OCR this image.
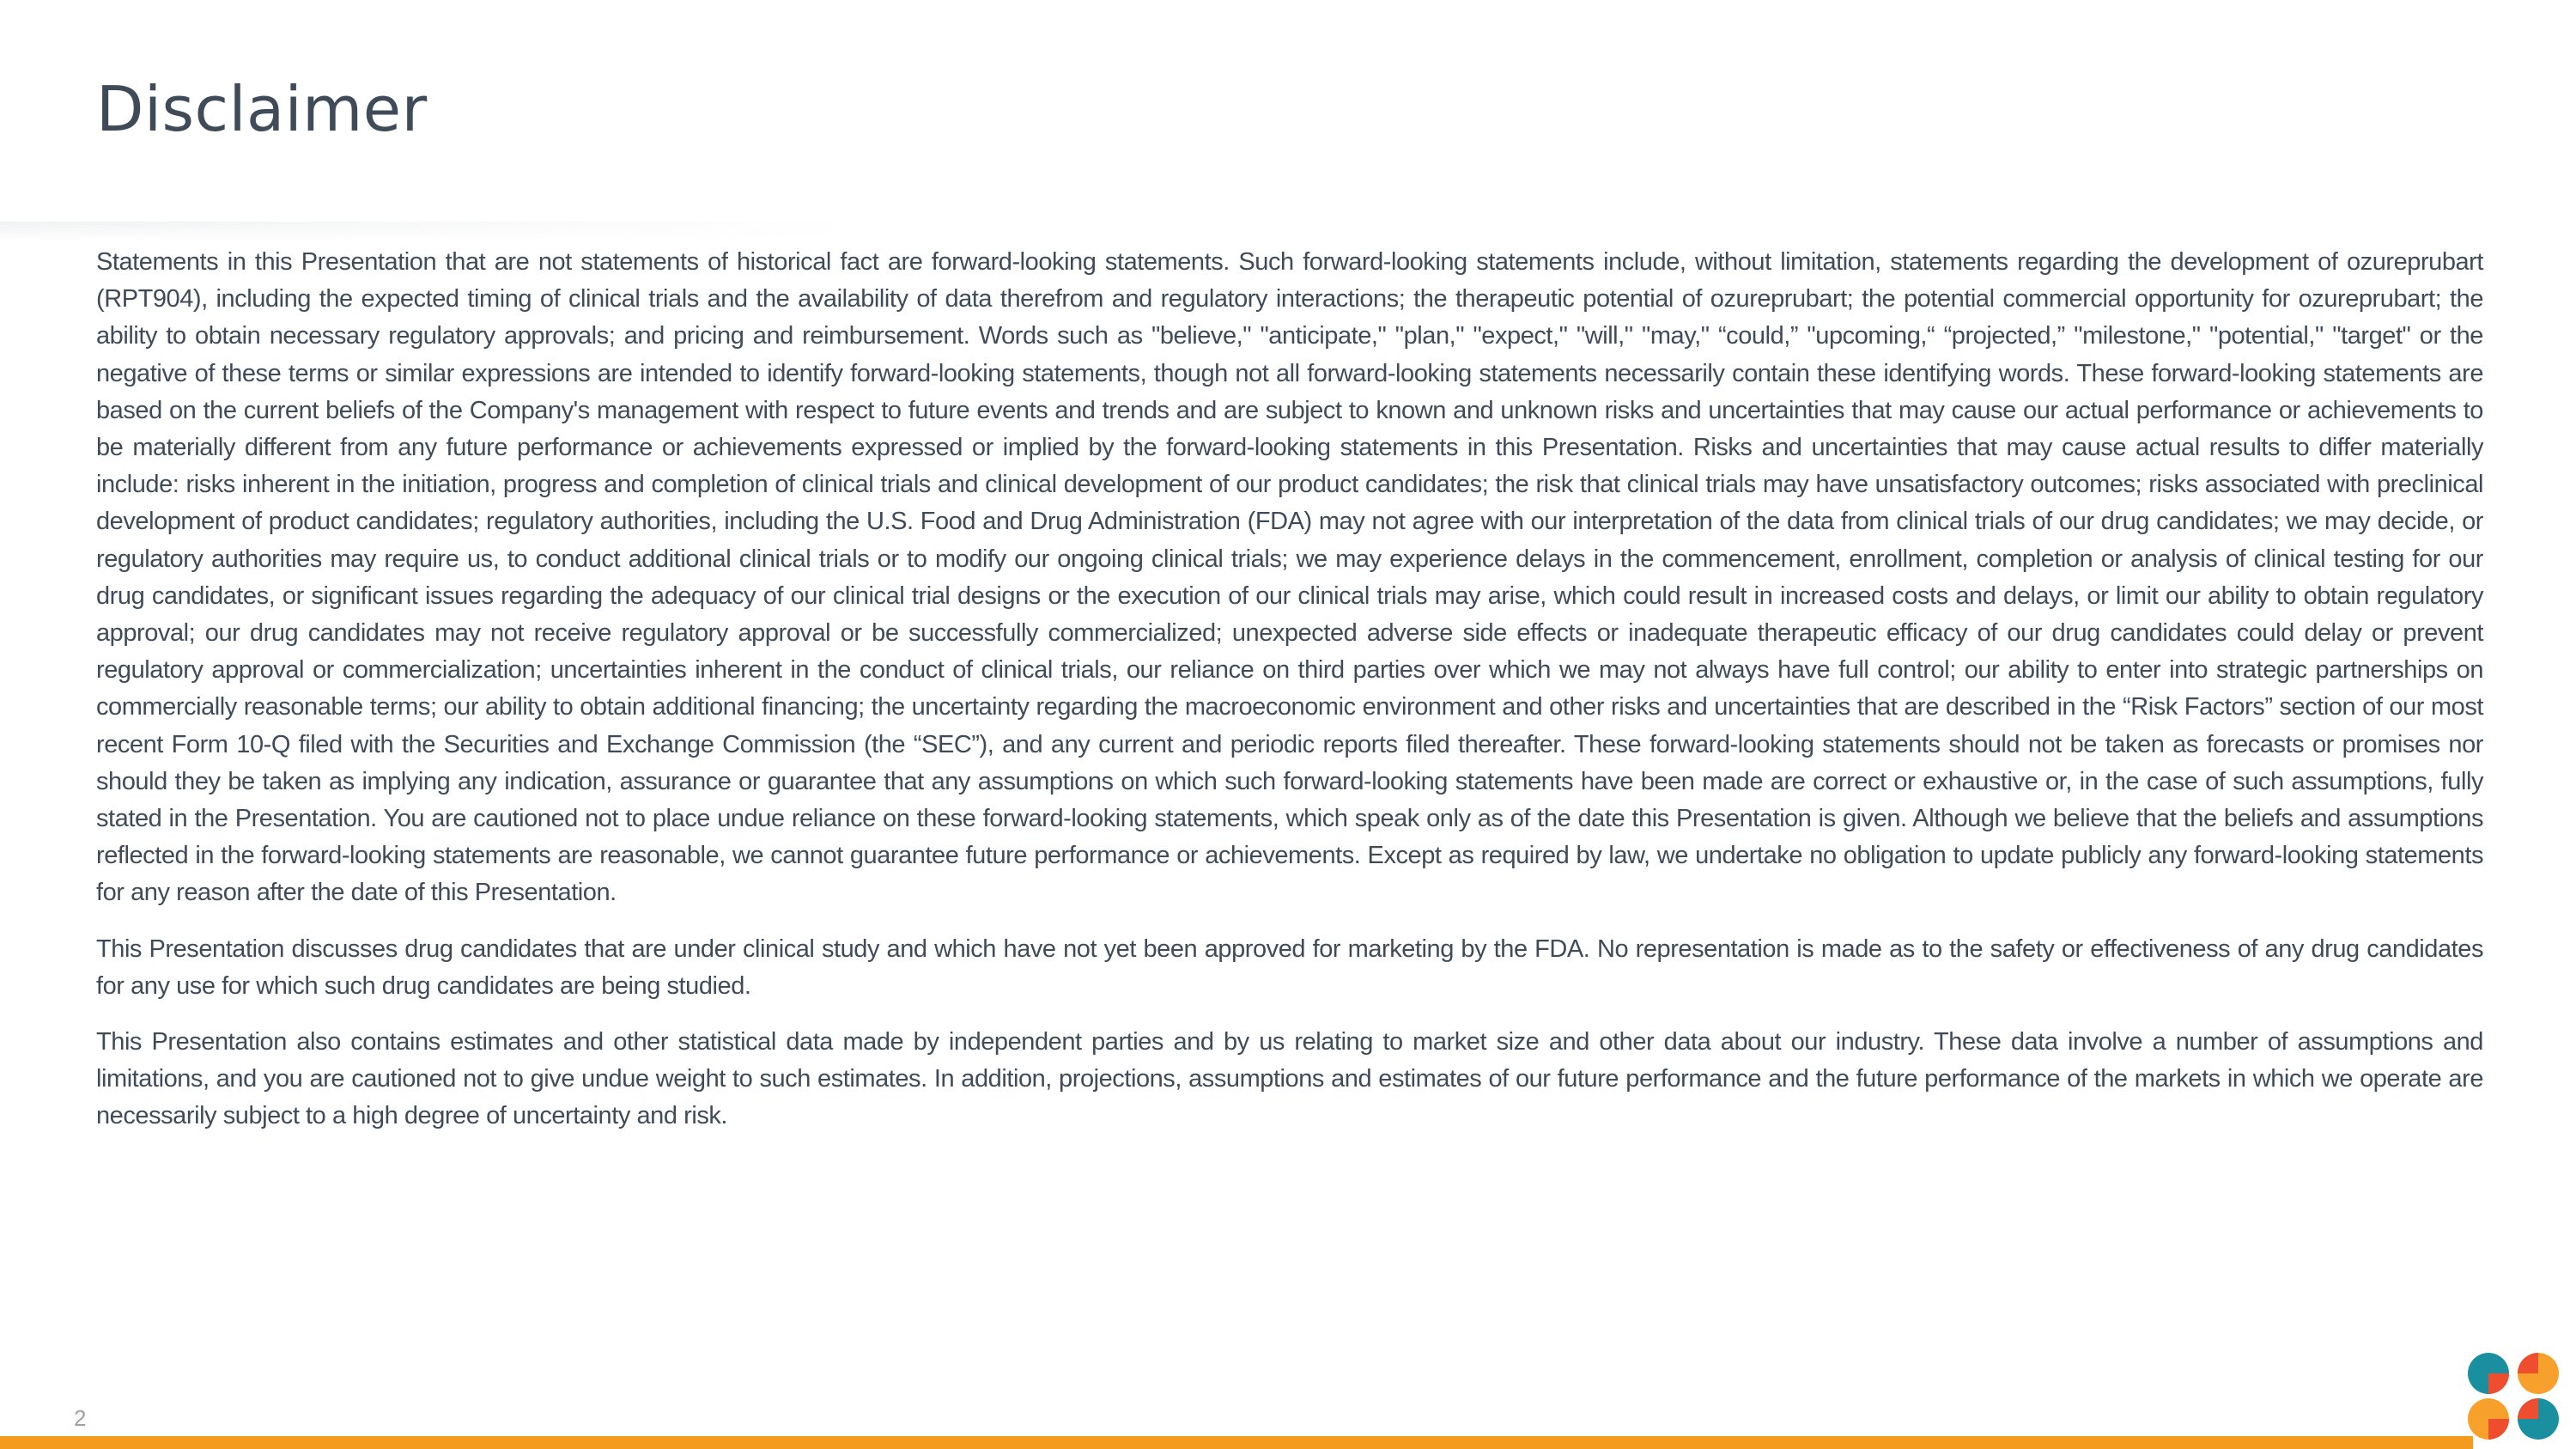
Disclaimer

Statements in this Presentation that are not statements of historical fact are forward-looking statements. Such forward-looking statements include, without limitation, statements regarding the development of ozureprubart (RPT904), including the expected timing of clinical trials and the availability of data therefrom and regulatory interactions; the therapeutic potential of ozureprubart; the potential commercial opportunity for ozureprubart; the ability to obtain necessary regulatory approvals; and pricing and reimbursement. Words such as "believe," "anticipate," "plan," "expect," "will," "may," “could,” "upcoming,“ “projected,” "milestone," "potential," "target" or the negative of these terms or similar expressions are intended to identify forward-looking statements, though not all forward-looking statements necessarily contain these identifying words. These forward-looking statements are based on the current beliefs of the Company's management with respect to future events and trends and are subject to known and unknown risks and uncertainties that may cause our actual performance or achievements to be materially different from any future performance or achievements expressed or implied by the forward-looking statements in this Presentation. Risks and uncertainties that may cause actual results to differ materially include: risks inherent in the initiation, progress and completion of clinical trials and clinical development of our product candidates; the risk that clinical trials may have unsatisfactory outcomes; risks associated with preclinical development of product candidates; regulatory authorities, including the U.S. Food and Drug Administration (FDA) may not agree with our interpretation of the data from clinical trials of our drug candidates; we may decide, or regulatory authorities may require us, to conduct additional clinical trials or to modify our ongoing clinical trials; we may experience delays in the commencement, enrollment, completion or analysis of clinical testing for our drug candidates, or significant issues regarding the adequacy of our clinical trial designs or the execution of our clinical trials may arise, which could result in increased costs and delays, or limit our ability to obtain regulatory approval; our drug candidates may not receive regulatory approval or be successfully commercialized; unexpected adverse side effects or inadequate therapeutic efficacy of our drug candidates could delay or prevent regulatory approval or commercialization; uncertainties inherent in the conduct of clinical trials, our reliance on third parties over which we may not always have full control; our ability to enter into strategic partnerships on commercially reasonable terms; our ability to obtain additional financing; the uncertainty regarding the macroeconomic environment and other risks and uncertainties that are described in the “Risk Factors” section of our most recent Form 10-Q filed with the Securities and Exchange Commission (the “SEC”), and any current and periodic reports filed thereafter. These forward-looking statements should not be taken as forecasts or promises nor should they be taken as implying any indication, assurance or guarantee that any assumptions on which such forward-looking statements have been made are correct or exhaustive or, in the case of such assumptions, fully stated in the Presentation. You are cautioned not to place undue reliance on these forward-looking statements, which speak only as of the date this Presentation is given. Although we believe that the beliefs and assumptions reflected in the forward-looking statements are reasonable, we cannot guarantee future performance or achievements. Except as required by law, we undertake no obligation to update publicly any forward-looking statements for any reason after the date of this Presentation.

This Presentation discusses drug candidates that are under clinical study and which have not yet been approved for marketing by the FDA. No representation is made as to the safety or effectiveness of any drug candidates for any use for which such drug candidates are being studied.

This Presentation also contains estimates and other statistical data made by independent parties and by us relating to market size and other data about our industry. These data involve a number of assumptions and limitations, and you are cautioned not to give undue weight to such estimates. In addition, projections, assumptions and estimates of our future performance and the future performance of the markets in which we operate are necessarily subject to a high degree of uncertainty and risk.

2
